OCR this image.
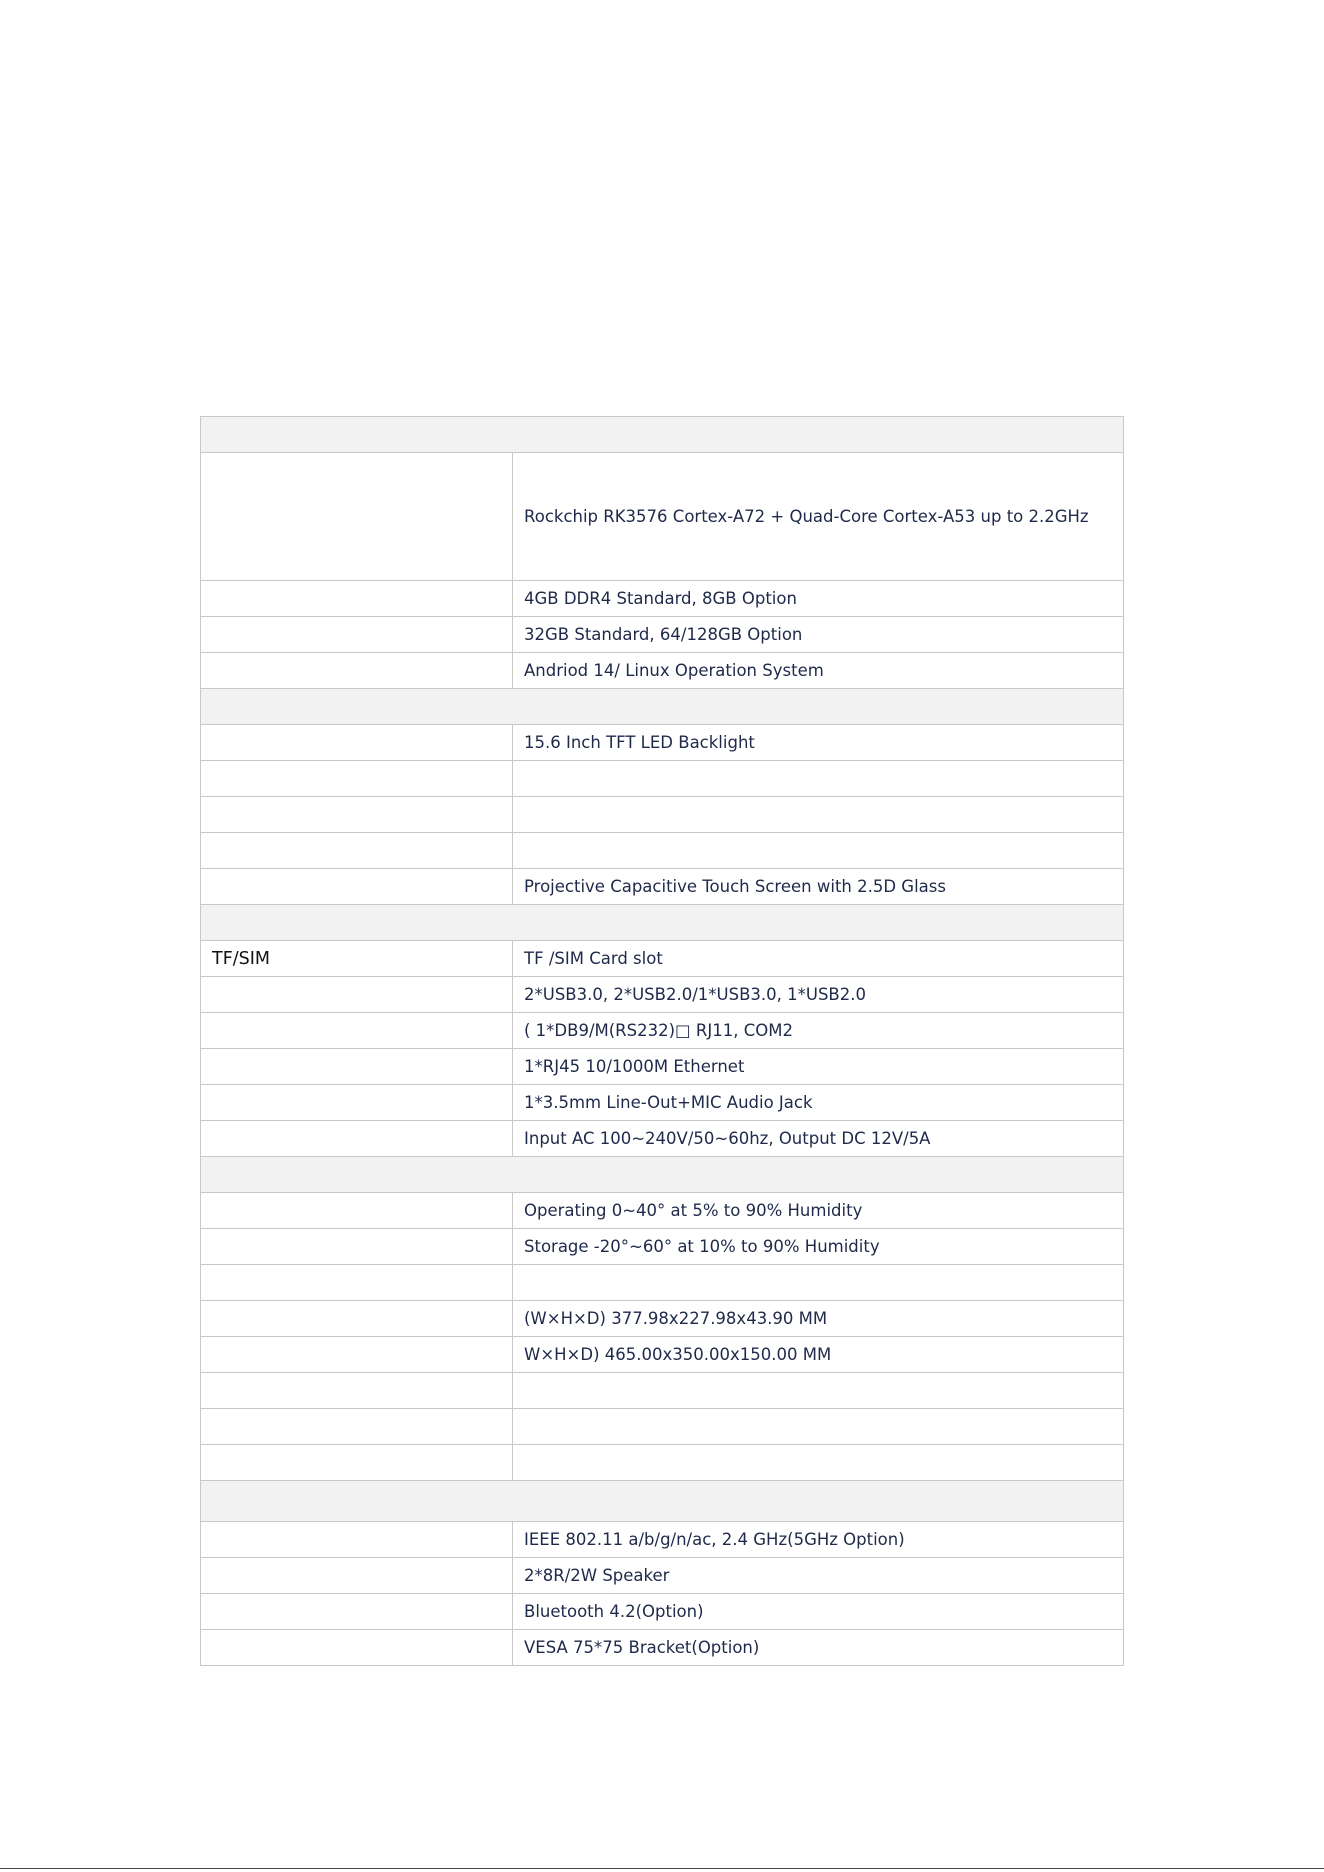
	Rockchip RK3576 Cortex-A72 + Quad-Core Cortex-A53 up to 2.2GHz
	4GB DDR4 Standard, 8GB Option
	32GB Standard, 64/128GB Option
	Andriod 14/ Linux Operation System

	15.6 Inch TFT LED Backlight

	Projective Capacitive Touch Screen with 2.5D Glass

TF/SIM	TF /SIM Card slot
	2*USB3.0, 2*USB2.0/1*USB3.0, 1*USB2.0
	( 1*DB9/M(RS232)□ RJ11, COM2
	1*RJ45 10/1000M Ethernet
	1*3.5mm Line-Out+MIC Audio Jack
	Input AC 100~240V/50~60hz, Output DC 12V/5A

	Operating 0~40° at 5% to 90% Humidity
	Storage -20°~60° at 10% to 90% Humidity

	(W×H×D) 377.98x227.98x43.90 MM
	W×H×D) 465.00x350.00x150.00 MM

	IEEE 802.11 a/b/g/n/ac, 2.4 GHz(5GHz Option)
	2*8R/2W Speaker
	Bluetooth 4.2(Option)
	VESA 75*75 Bracket(Option)
